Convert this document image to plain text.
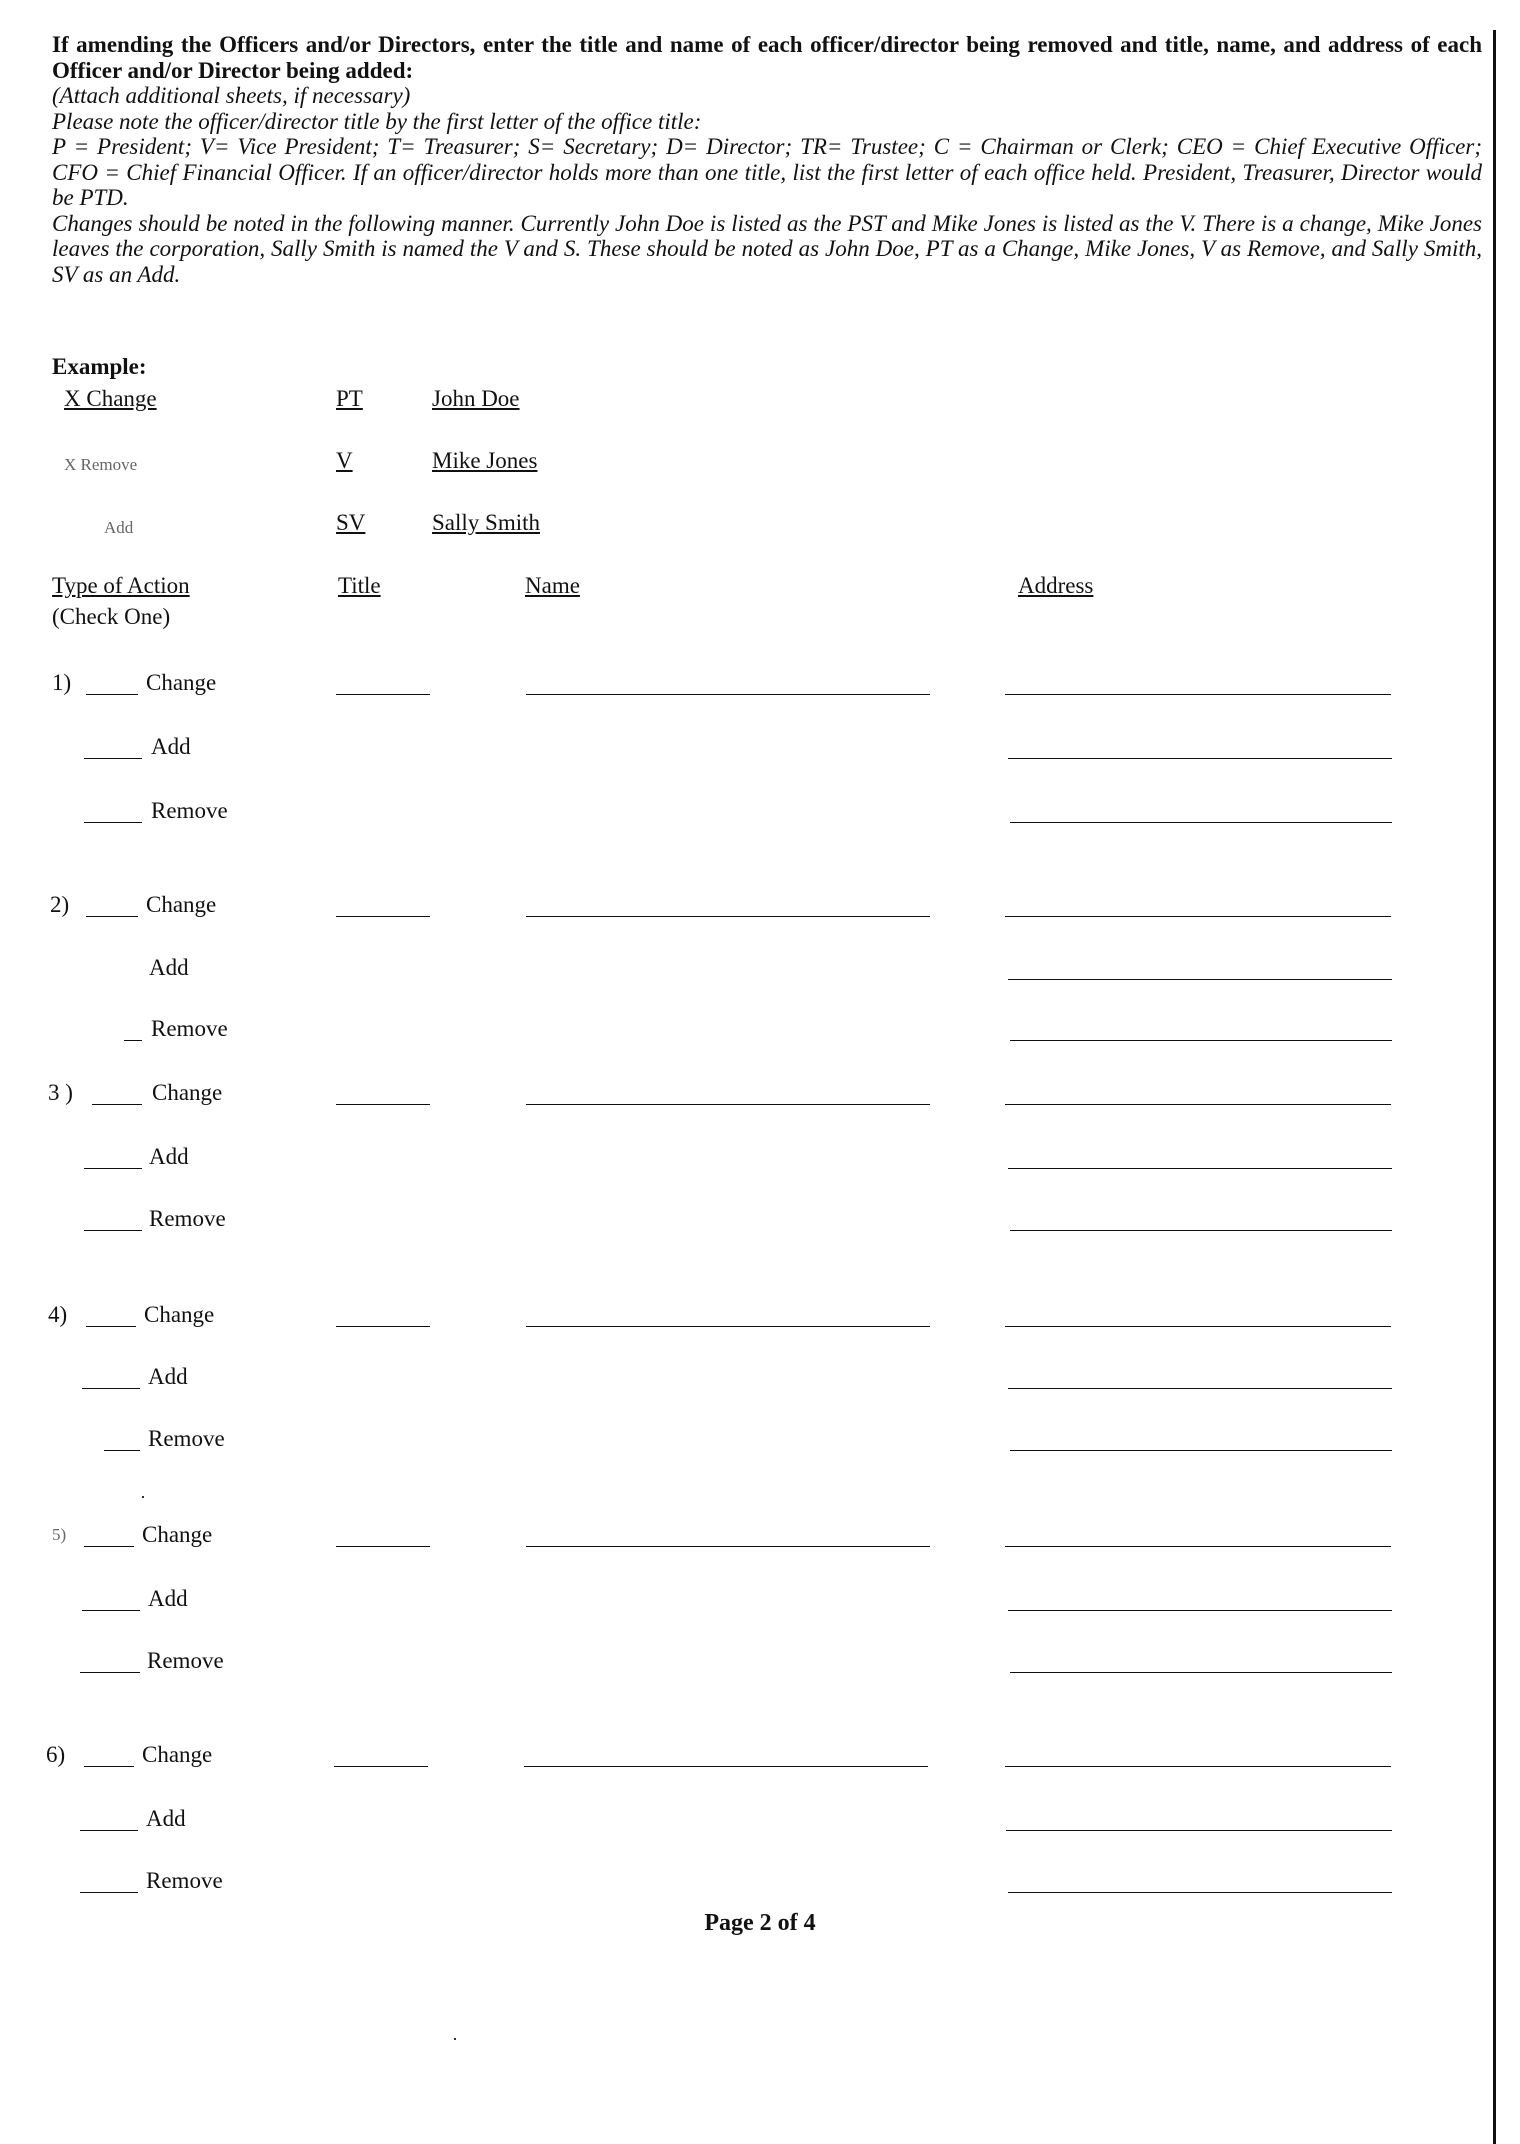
If amending the Officers and/or Directors, enter the title and name of each officer/director being removed and title, name, and address of each Officer and/or Director being added:

(Attach additional sheets, if necessary)

Please note the officer/director title by the first letter of the office title:

P = President; V= Vice President; T= Treasurer; S= Secretary; D= Director; TR= Trustee; C = Chairman or Clerk; CEO = Chief Executive Officer; CFO = Chief Financial Officer. If an officer/director holds more than one title, list the first letter of each office held. President, Treasurer, Director would be PTD.

Changes should be noted in the following manner. Currently John Doe is listed as the PST and Mike Jones is listed as the V. There is a change, Mike Jones leaves the corporation, Sally Smith is named the V and S. These should be noted as John Doe, PT as a Change, Mike Jones, V as Remove, and Sally Smith, SV as an Add.

Example:
X Change	PT	John Doe
X Remove	V	Mike Jones
Add	SV	Sally Smith
Type of Action
(Check One)
Title	Name	Address
1)	Change
Add
Remove
2)	Change
Add
Remove
3 )	Change
Add
Remove
4)	Change
Add
Remove
5)	Change
Add
Remove
6)	Change
Add
Remove
Page 2 of 4
